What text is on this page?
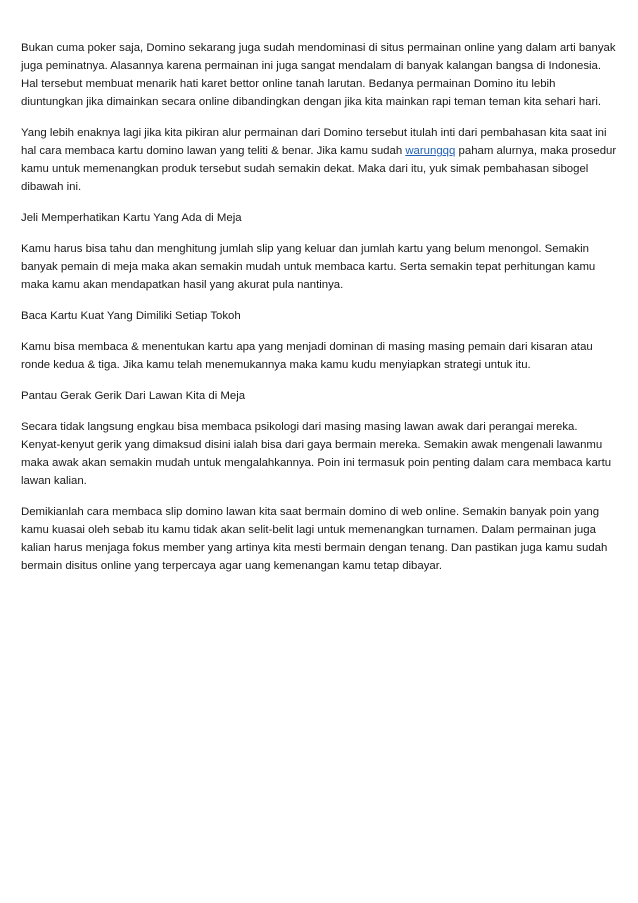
Bukan cuma poker saja, Domino sekarang juga sudah mendominasi di situs permainan online yang dalam arti banyak juga peminatnya. Alasannya karena permainan ini juga sangat mendalam di banyak kalangan bangsa di Indonesia. Hal tersebut membuat menarik hati karet bettor online tanah larutan. Bedanya permainan Domino itu lebih diuntungkan jika dimainkan secara online dibandingkan dengan jika kita mainkan rapi teman teman kita sehari hari.

Yang lebih enaknya lagi jika kita pikiran alur permainan dari Domino tersebut itulah inti dari pembahasan kita saat ini hal cara membaca kartu domino lawan yang teliti & benar. Jika kamu sudah warungqq paham alurnya, maka prosedur kamu untuk memenangkan produk tersebut sudah semakin dekat. Maka dari itu, yuk simak pembahasan sibogel dibawah ini.

Jeli Memperhatikan Kartu Yang Ada di Meja

Kamu harus bisa tahu dan menghitung jumlah slip yang keluar dan jumlah kartu yang belum menongol. Semakin banyak pemain di meja maka akan semakin mudah untuk membaca kartu. Serta semakin tepat perhitungan kamu maka kamu akan mendapatkan hasil yang akurat pula nantinya.

Baca Kartu Kuat Yang Dimiliki Setiap Tokoh

Kamu bisa membaca & menentukan kartu apa yang menjadi dominan di masing masing pemain dari kisaran atau ronde kedua & tiga. Jika kamu telah menemukannya maka kamu kudu menyiapkan strategi untuk itu.

Pantau Gerak Gerik Dari Lawan Kita di Meja

Secara tidak langsung engkau bisa membaca psikologi dari masing masing lawan awak dari perangai mereka. Kenyat-kenyut gerik yang dimaksud disini ialah bisa dari gaya bermain mereka. Semakin awak mengenali lawanmu maka awak akan semakin mudah untuk mengalahkannya. Poin ini termasuk poin penting dalam cara membaca kartu lawan kalian.

Demikianlah cara membaca slip domino lawan kita saat bermain domino di web online. Semakin banyak poin yang kamu kuasai oleh sebab itu kamu tidak akan selit-belit lagi untuk memenangkan turnamen. Dalam permainan juga kalian harus menjaga fokus member yang artinya kita mesti bermain dengan tenang. Dan pastikan juga kamu sudah bermain disitus online yang terpercaya agar uang kemenangan kamu tetap dibayar.
